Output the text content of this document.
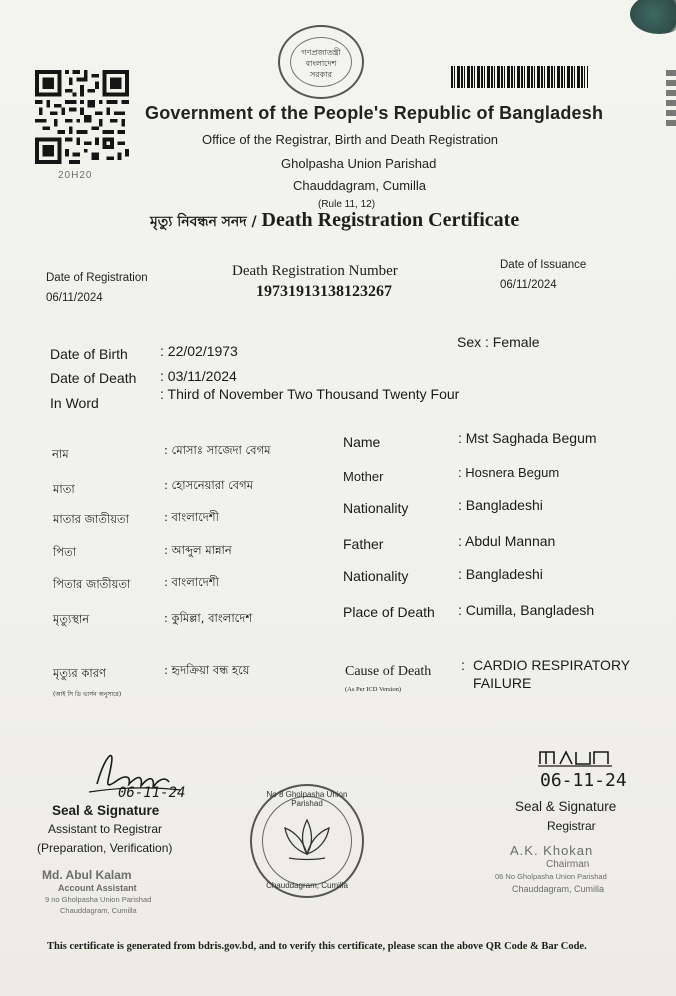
20H20
গণপ্রজাতন্ত্রী বাংলাদেশ সরকার
Government of the People's Republic of Bangladesh
Office of the Registrar, Birth and Death Registration
Gholpasha Union Parishad
Chauddagram, Cumilla
(Rule 11, 12)
মৃত্যু নিবন্ধন সনদ / Death Registration Certificate
Date of Registration
06/11/2024
Death Registration Number
19731913138123267
Date of Issuance
06/11/2024
Date of Birth : 22/02/1973
Sex : Female
Date of Death : 03/11/2024
In Word
: Third of November Two Thousand Twenty Four
নাম	: মোসাঃ সাজেদা বেগম
মাতা	: হোসনেয়ারা বেগম
মাতার জাতীয়তা	: বাংলাদেশী
পিতা	: আব্দুল মান্নান
পিতার জাতীয়তা	: বাংলাদেশী
মৃত্যুস্থান	: কুমিল্লা, বাংলাদেশ
মৃত্যুর কারণ
(আই সি ডি ভার্সন অনুসারে)
: হৃদক্রিয়া বন্ধ হয়ে
Name	: Mst Saghada Begum
Mother	: Hosnera Begum
Nationality	: Bangladeshi
Father	: Abdul Mannan
Nationality	: Bangladeshi
Place of Death : Cumilla, Bangladesh
Cause of Death
(As Per ICD Version)
: CARDIO RESPIRATORY
FAILURE
06-11-24
Seal & Signature
Assistant to Registrar
(Preparation, Verification)
Md. Abul Kalam
Account Assistant
9 no Gholpasha Union Parishad
Chauddagram, Cumilla
No 8 Gholpasha Union Parishad
Chauddagram, Cumilla
06-11-24
Seal & Signature
Registrar
A.K. Khokan
Chairman
06 No Gholpasha Union Parishad
Chauddagram, Cumilla
This certificate is generated from bdris.gov.bd, and to verify this certificate, please scan the above QR Code & Bar Code.
